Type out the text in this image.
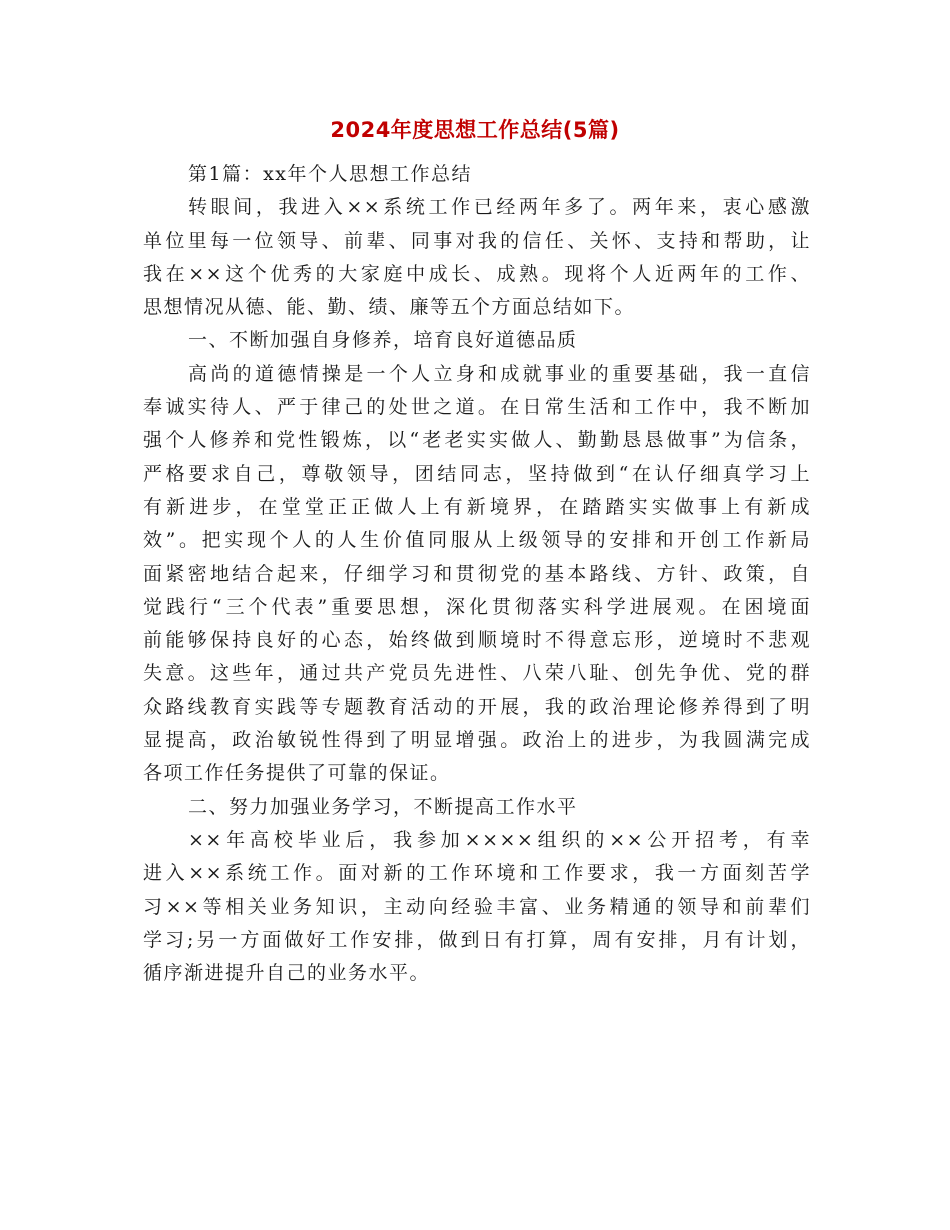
2024年度思想工作总结(5篇)
第1篇：xx年个人思想工作总结
转眼间，我进入××系统工作已经两年多了。两年来，衷心感激
单位里每一位领导、前辈、同事对我的信任、关怀、支持和帮助，让
我在××这个优秀的大家庭中成长、成熟。现将个人近两年的工作、
思想情况从德、能、勤、绩、廉等五个方面总结如下。
一、不断加强自身修养，培育良好道德品质
高尚的道德情操是一个人立身和成就事业的重要基础，我一直信
奉诚实待人、严于律己的处世之道。在日常生活和工作中，我不断加
强个人修养和党性锻炼，以“老老实实做人、勤勤恳恳做事”为信条，
严格要求自己，尊敬领导，团结同志，坚持做到“在认仔细真学习上
有新进步，在堂堂正正做人上有新境界，在踏踏实实做事上有新成
效”。把实现个人的人生价值同服从上级领导的安排和开创工作新局
面紧密地结合起来，仔细学习和贯彻党的基本路线、方针、政策，自
觉践行“三个代表”重要思想，深化贯彻落实科学进展观。在困境面
前能够保持良好的心态，始终做到顺境时不得意忘形，逆境时不悲观
失意。这些年，通过共产党员先进性、八荣八耻、创先争优、党的群
众路线教育实践等专题教育活动的开展，我的政治理论修养得到了明
显提高，政治敏锐性得到了明显增强。政治上的进步，为我圆满完成
各项工作任务提供了可靠的保证。
二、努力加强业务学习，不断提高工作水平
××年高校毕业后，我参加××××组织的××公开招考，有幸
进入××系统工作。面对新的工作环境和工作要求，我一方面刻苦学
习××等相关业务知识，主动向经验丰富、业务精通的领导和前辈们
学习;另一方面做好工作安排，做到日有打算，周有安排，月有计划，
循序渐进提升自己的业务水平。
